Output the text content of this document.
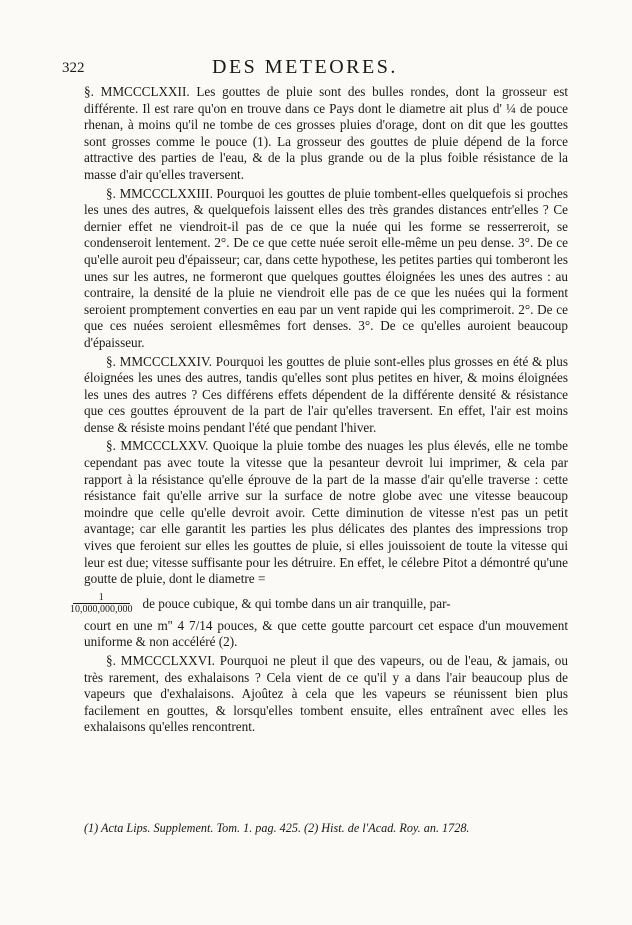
322	DES METEORES.

§. MMCCCLXXII. Les gouttes de pluie sont des bulles rondes, dont la grosseur est différente. Il est rare qu'on en trouve dans ce Pays dont le diametre ait plus d' ¼ de pouce rhenan, à moins qu'il ne tombe de ces grosses pluies d'orage, dont on dit que les gouttes sont grosses comme le pouce (1). La grosseur des gouttes de pluie dépend de la force attractive des parties de l'eau, & de la plus grande ou de la plus foible résistance de la masse d'air qu'elles traversent.

§. MMCCCLXXIII. Pourquoi les gouttes de pluie tombent-elles quelquefois si proches les unes des autres, & quelquefois laissent elles des très grandes distances entr'elles ? Ce dernier effet ne viendroit-il pas de ce que la nuée qui les forme se resserreroit, se condenseroit lentement. 2°. De ce que cette nuée seroit elle-même un peu dense. 3°. De ce qu'elle auroit peu d'épaisseur; car, dans cette hypothese, les petites parties qui tomberont les unes sur les autres, ne formeront que quelques gouttes éloignées les unes des autres : au contraire, la densité de la pluie ne viendroit elle pas de ce que les nuées qui la forment seroient promptement converties en eau par un vent rapide qui les comprimeroit. 2°. De ce que ces nuées seroient ellesmêmes fort denses. 3°. De ce qu'elles auroient beaucoup d'épaisseur.

§. MMCCCLXXIV. Pourquoi les gouttes de pluie sont-elles plus grosses en été & plus éloignées les unes des autres, tandis qu'elles sont plus petites en hiver, & moins éloignées les unes des autres ? Ces différens effets dépendent de la différente densité & résistance que ces gouttes éprouvent de la part de l'air qu'elles traversent. En effet, l'air est moins dense & résiste moins pendant l'été que pendant l'hiver.

§. MMCCCLXXV. Quoique la pluie tombe des nuages les plus élevés, elle ne tombe cependant pas avec toute la vitesse que la pesanteur devroit lui imprimer, & cela par rapport à la résistance qu'elle éprouve de la part de la masse d'air qu'elle traverse : cette résistance fait qu'elle arrive sur la surface de notre globe avec une vitesse beaucoup moindre que celle qu'elle devroit avoir. Cette diminution de vitesse n'est pas un petit avantage; car elle garantit les parties les plus délicates des plantes des impressions trop vives que feroient sur elles les gouttes de pluie, si elles jouissoient de toute la vitesse qui leur est due; vitesse suffisante pour les détruire. En effet, le célebre Pitot a démontré qu'une goutte de pluie, dont le diametre =

$\frac{1}{10,000,000,000}$ de pouce cubique, & qui tombe dans un air tranquille, par-

court en une m'' 4 7/14 pouces, & que cette goutte parcourt cet espace d'un mouvement uniforme & non accéléré (2).

§. MMCCCLXXVI. Pourquoi ne pleut il que des vapeurs, ou de l'eau, & jamais, ou très rarement, des exhalaisons ? Cela vient de ce qu'il y a dans l'air beaucoup plus de vapeurs que d'exhalaisons. Ajoûtez à cela que les vapeurs se réunissent bien plus facilement en gouttes, & lorsqu'elles tombent ensuite, elles entraînent avec elles les exhalaisons qu'elles rencontrent.

(1) Acta Lips. Supplement. Tom. 1. pag. 425. (2) Hist. de l'Acad. Roy. an. 1728.
